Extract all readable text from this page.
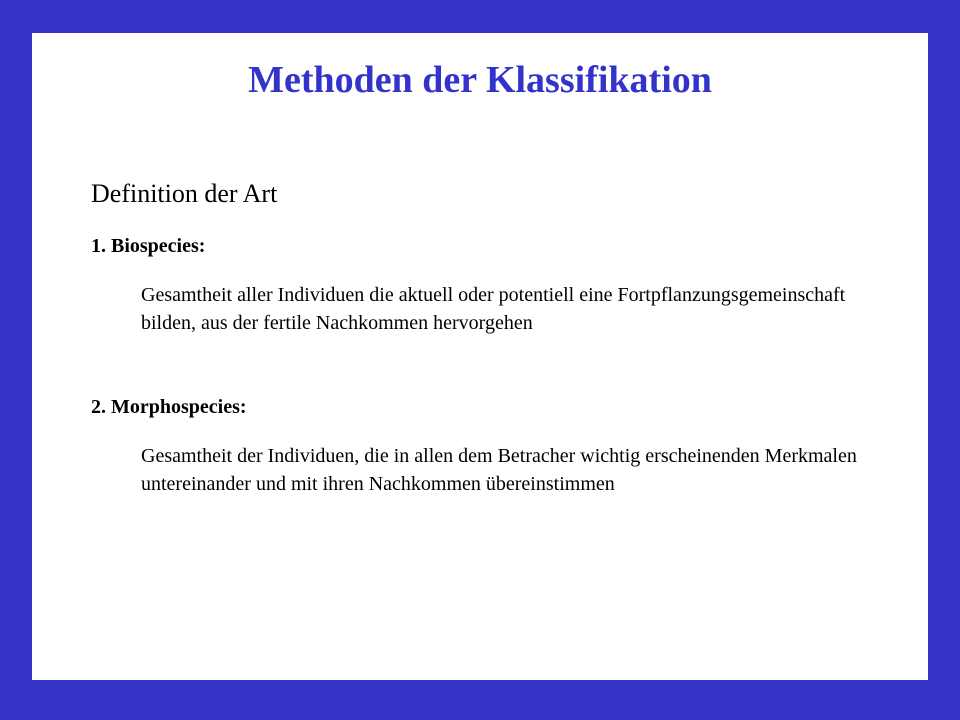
Methoden der Klassifikation
Definition der Art
1. Biospecies:
Gesamtheit aller Individuen die aktuell oder potentiell eine Fortpflanzungsgemeinschaft bilden, aus der fertile Nachkommen hervorgehen
2. Morphospecies:
Gesamtheit der Individuen, die in allen dem Betracher wichtig erscheinenden Merkmalen untereinander und mit ihren Nachkommen übereinstimmen
